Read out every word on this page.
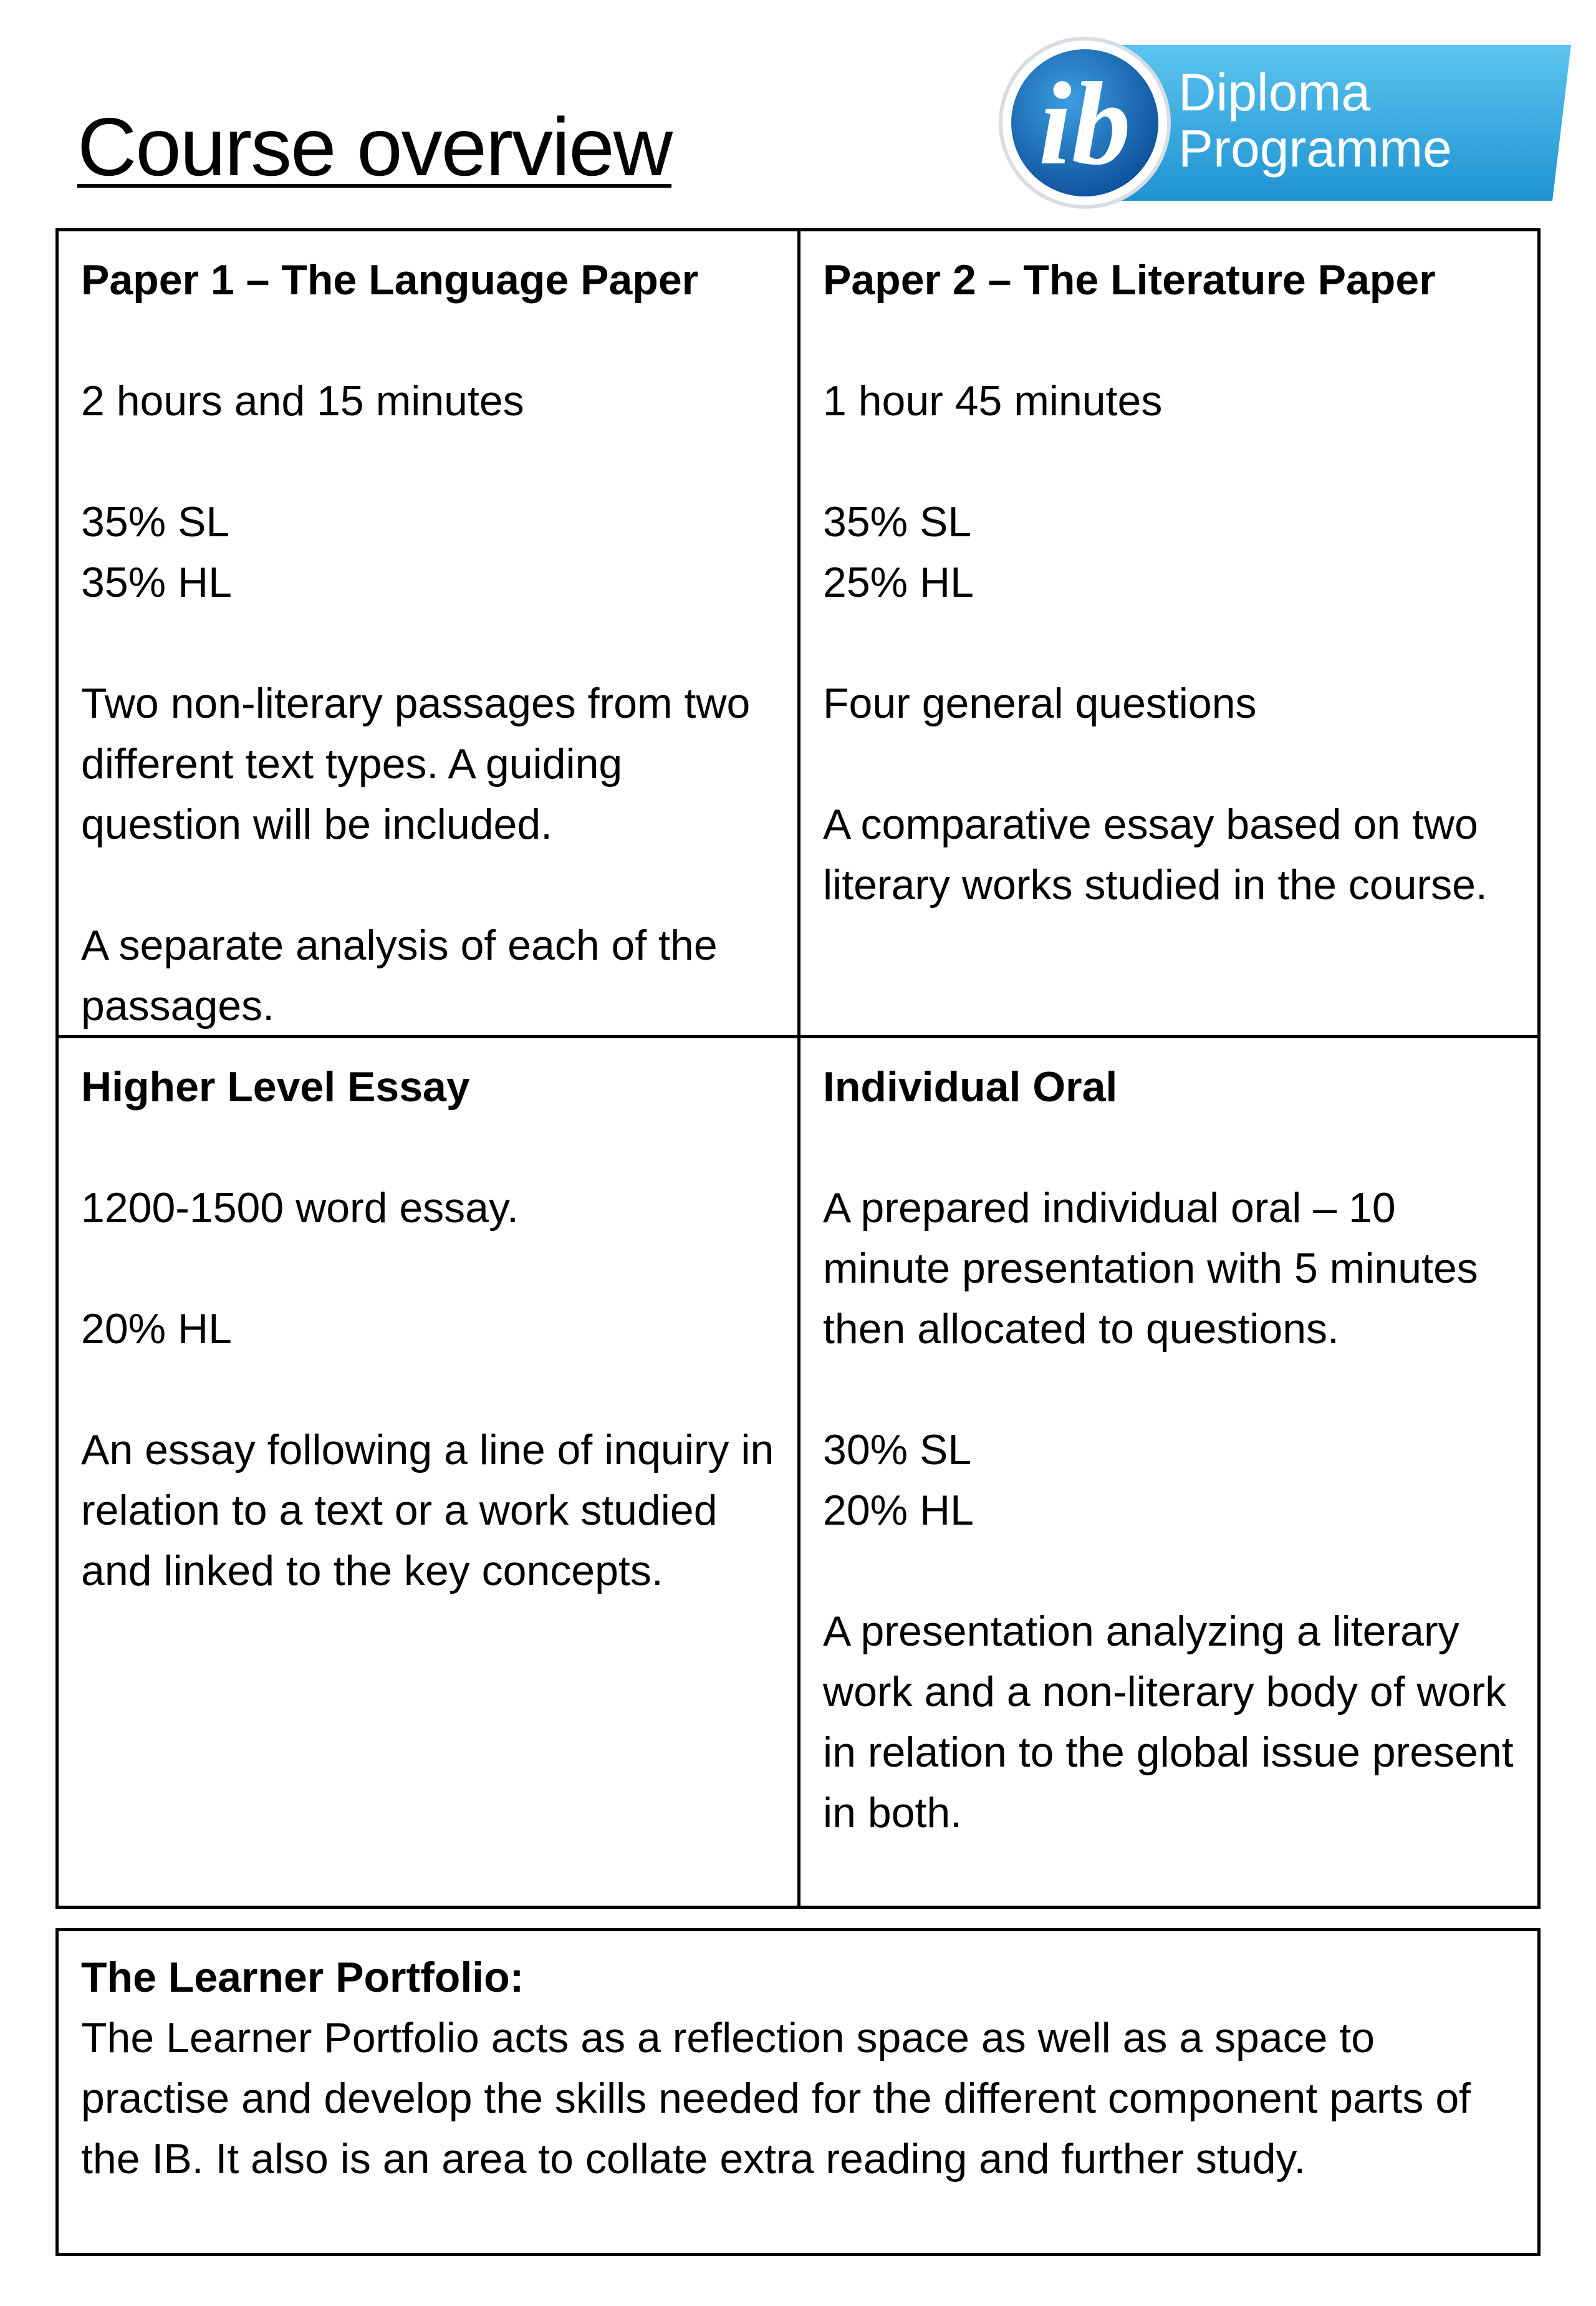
Course overview	ib Diploma
Programme
Paper 1 – The Language Paper

2 hours and 15 minutes

35% SL

35% HL

Two non-literary passages from two different text types. A guiding question will be included.

A separate analysis of each of the passages.

Paper 2 – The Literature Paper

1 hour 45 minutes

35% SL

25% HL

Four general questions

A comparative essay based on two literary works studied in the course.

Higher Level Essay

1200-1500 word essay.

20% HL

An essay following a line of inquiry in relation to a text or a work studied and linked to the key concepts.

Individual Oral

A prepared individual oral – 10 minute presentation with 5 minutes then allocated to questions.

30% SL

20% HL

A presentation analyzing a literary work and a non-literary body of work in relation to the global issue present in both.

The Learner Portfolio:

The Learner Portfolio acts as a reflection space as well as a space to practise and develop the skills needed for the different component parts of the IB. It also is an area to collate extra reading and further study.
